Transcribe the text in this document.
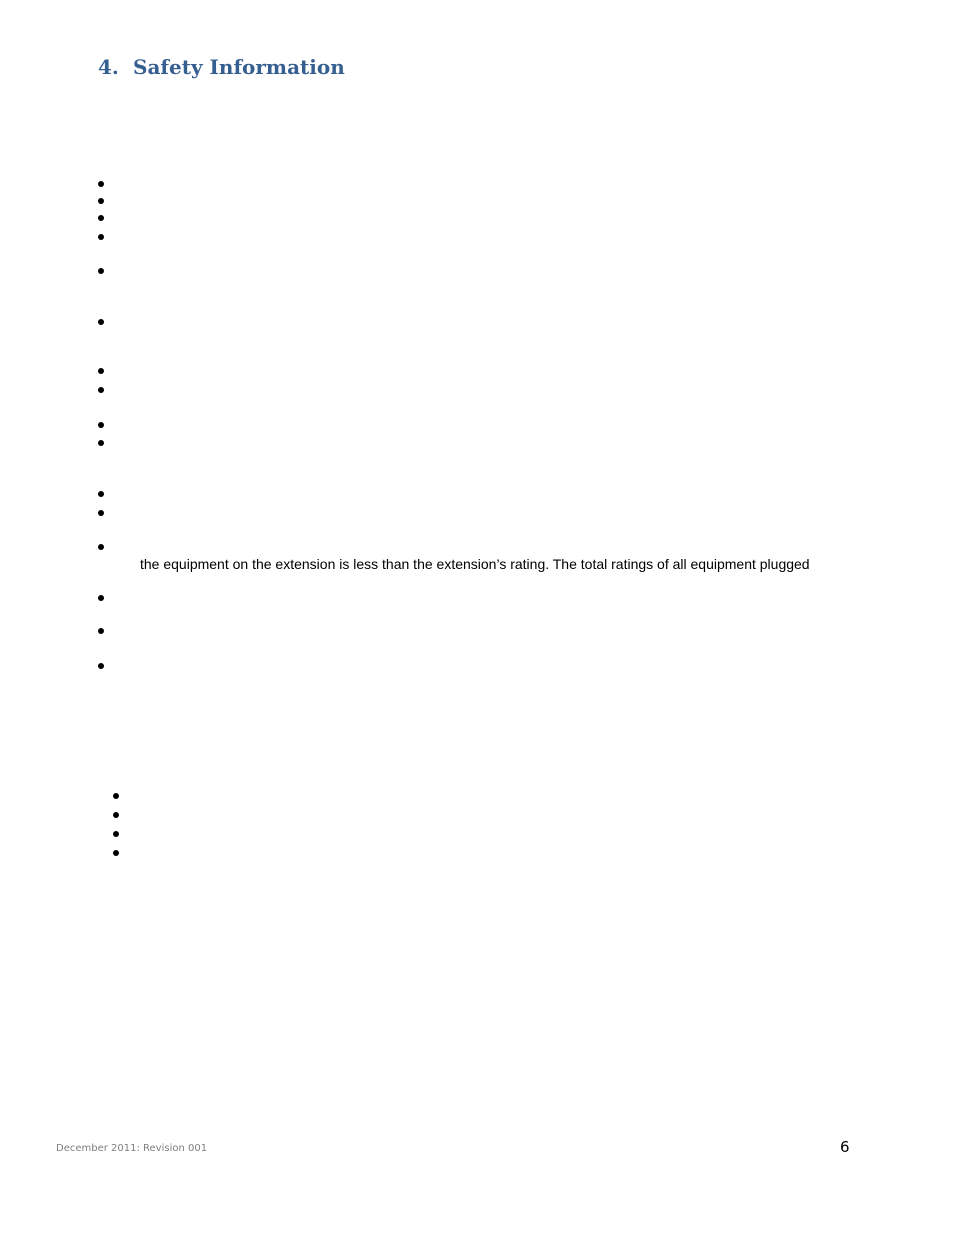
4. Safety Information
the equipment on the extension is less than the extension’s rating. The total ratings of all equipment plugged
December 2011: Revision 001	6
